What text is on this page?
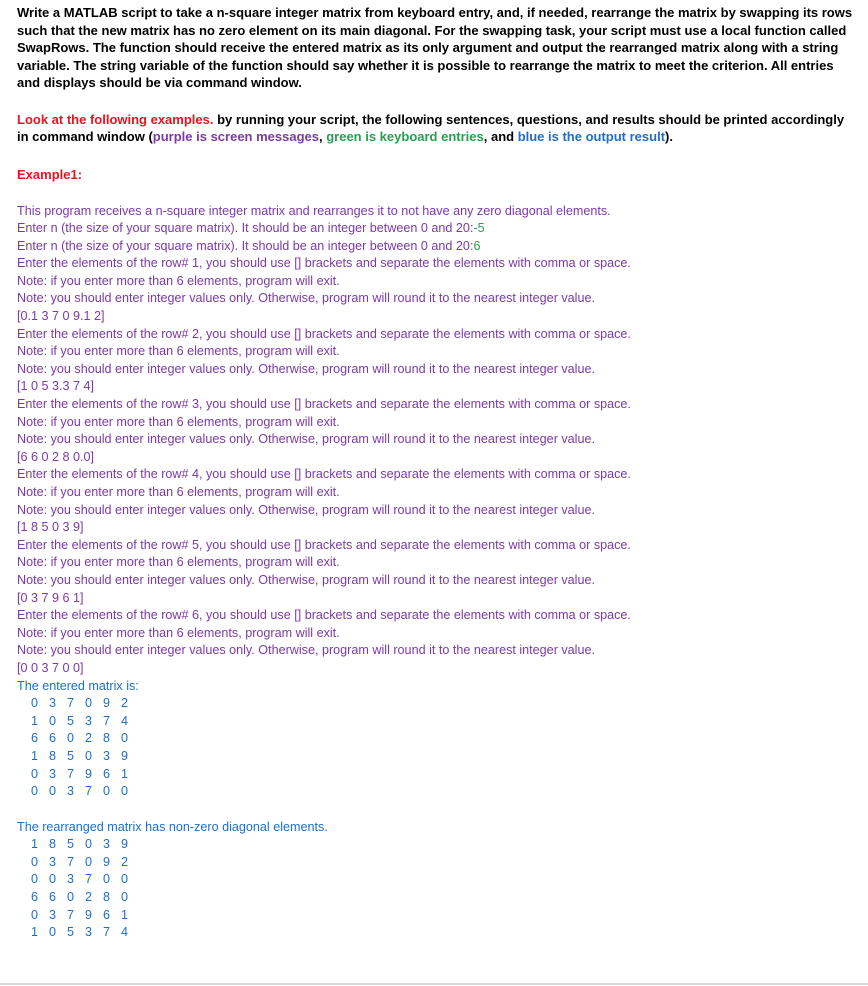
Write a MATLAB script to take a n-square integer matrix from keyboard entry, and, if needed, rearrange the matrix by swapping its rows such that the new matrix has no zero element on its main diagonal. For the swapping task, your script must use a local function called SwapRows. The function should receive the entered matrix as its only argument and output the rearranged matrix along with a string variable. The string variable of the function should say whether it is possible to rearrange the matrix to meet the criterion. All entries and displays should be via command window.

Look at the following examples. by running your script, the following sentences, questions, and results should be printed accordingly in command window (purple is screen messages, green is keyboard entries, and blue is the output result).

Example1:
This program receives a n-square integer matrix and rearranges it to not have any zero diagonal elements.
Enter n (the size of your square matrix). It should be an integer between 0 and 20:-5
Enter n (the size of your square matrix). It should be an integer between 0 and 20:6
Enter the elements of the row# 1, you should use [] brackets and separate the elements with comma or space.
Note: if you enter more than 6 elements, program will exit.
Note: you should enter integer values only. Otherwise, program will round it to the nearest integer value.
[0.1 3 7 0 9.1 2]
Enter the elements of the row# 2, you should use [] brackets and separate the elements with comma or space.
Note: if you enter more than 6 elements, program will exit.
Note: you should enter integer values only. Otherwise, program will round it to the nearest integer value.
[1 0 5 3.3 7 4]
Enter the elements of the row# 3, you should use [] brackets and separate the elements with comma or space.
Note: if you enter more than 6 elements, program will exit.
Note: you should enter integer values only. Otherwise, program will round it to the nearest integer value.
[6 6 0 2 8 0.0]
Enter the elements of the row# 4, you should use [] brackets and separate the elements with comma or space.
Note: if you enter more than 6 elements, program will exit.
Note: you should enter integer values only. Otherwise, program will round it to the nearest integer value.
[1 8 5 0 3 9]
Enter the elements of the row# 5, you should use [] brackets and separate the elements with comma or space.
Note: if you enter more than 6 elements, program will exit.
Note: you should enter integer values only. Otherwise, program will round it to the nearest integer value.
[0 3 7 9 6 1]
Enter the elements of the row# 6, you should use [] brackets and separate the elements with comma or space.
Note: if you enter more than 6 elements, program will exit.
Note: you should enter integer values only. Otherwise, program will round it to the nearest integer value.
[0 0 3 7 0 0]
The entered matrix is:
0 3 7 0 9 2
1 0 5 3 7 4
6 6 0 2 8 0
1 8 5 0 3 9
0 3 7 9 6 1
0 0 3 7 0 0
The rearranged matrix has non-zero diagonal elements.
1 8 5 0 3 9
0 3 7 0 9 2
0 0 3 7 0 0
6 6 0 2 8 0
0 3 7 9 6 1
1 0 5 3 7 4
